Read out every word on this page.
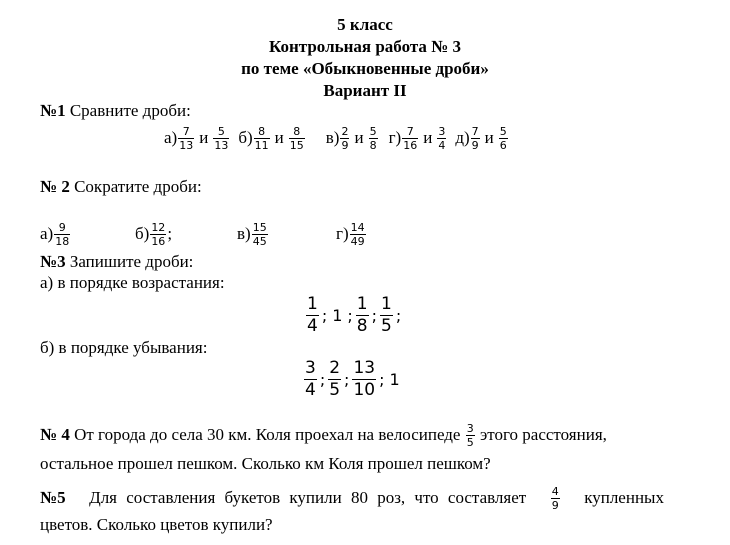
5 класс
Контрольная работа № 3
по теме «Обыкновенные дроби»
Вариант II
№1 Сравните дроби:
$а) \frac{7}{13}$ и $\frac{5}{13} б) \frac{8}{11}$ и $\frac{8}{15} в) \frac{2}{9}$ и $\frac{5}{8} г) \frac{7}{16}$ и $\frac{3}{4} д) \frac{7}{9}$ и $\frac{5}{6}$
№ 2 Сократите дроби:
$а) \frac{9}{18}$	$б) \frac{12}{16}$ ;	$в) \frac{15}{45}$	$г) \frac{14}{49}$
№3 Запишите дроби:
а) в порядке возрастания:
$\frac{1}{4}$ ; 1 ; $\frac{1}{8}$ ; $\frac{1}{5}$ ;
б) в порядке убывания:
$\frac{3}{4}$ ; $\frac{2}{5}$ ; $\frac{13}{10}$ ; 1
№ 4
От города до села 30 км. Коля проехал на велосипеде
$\frac{3}{5}$
этого расстояния,
остальное прошел пешком. Сколько км Коля прошел пешком?
№5 Для составления букетов купили 80 роз, что составляет $\frac{4}{9}$ купленных
цветов. Сколько цветов купили?
